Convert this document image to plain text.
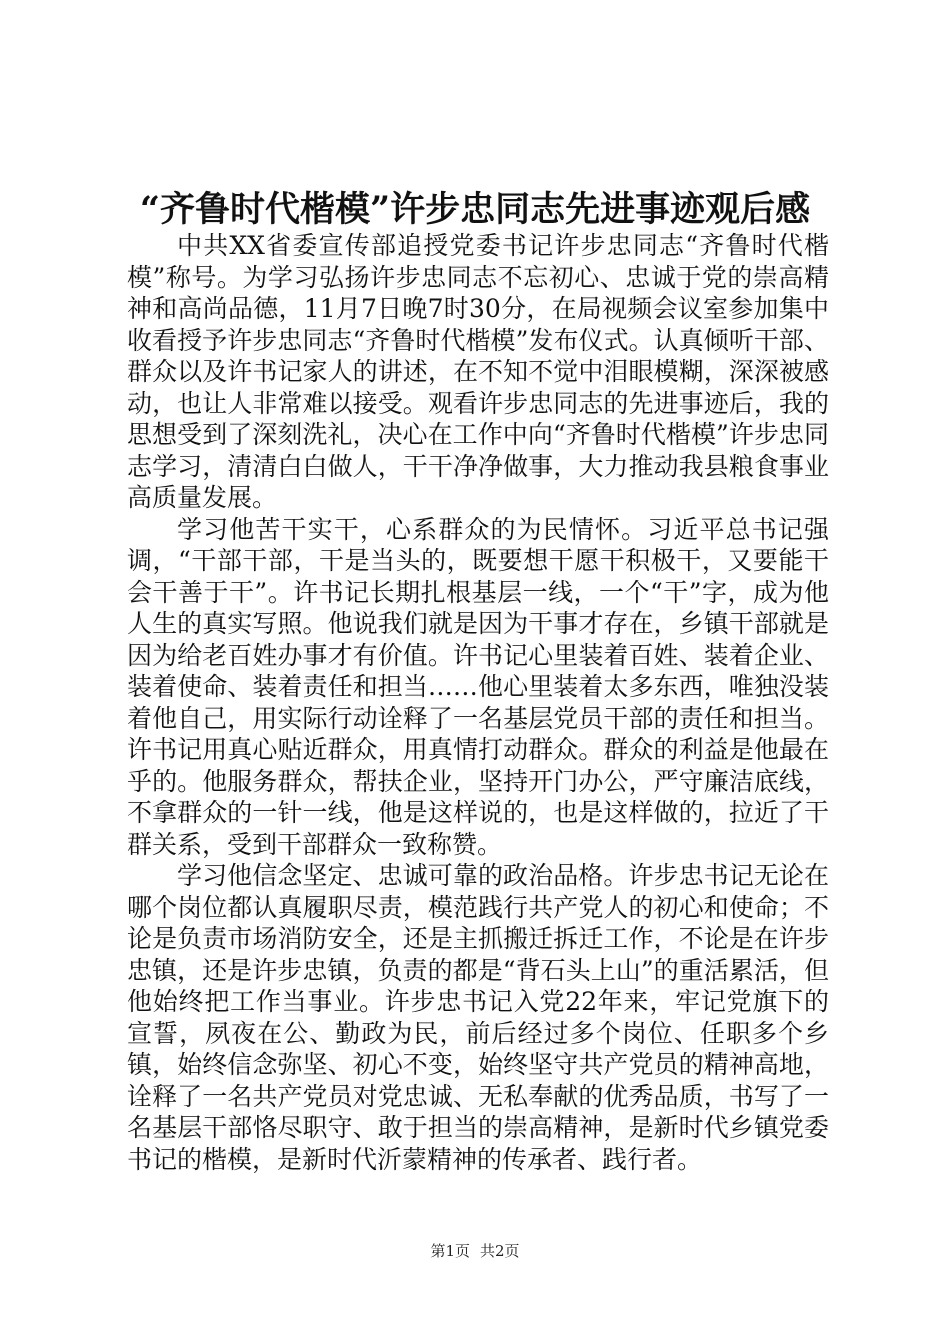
“齐鲁时代楷模”许步忠同志先进事迹观后感

中共XX省委宣传部追授党委书记许步忠同志“齐鲁时代楷模”称号。为学习弘扬许步忠同志不忘初心、忠诚于党的崇高精神和高尚品德，11月7日晚7时30分，在局视频会议室参加集中收看授予许步忠同志“齐鲁时代楷模”发布仪式。认真倾听干部、群众以及许书记家人的讲述，在不知不觉中泪眼模糊，深深被感动，也让人非常难以接受。观看许步忠同志的先进事迹后，我的思想受到了深刻洗礼，决心在工作中向“齐鲁时代楷模”许步忠同志学习，清清白白做人，干干净净做事，大力推动我县粮食事业高质量发展。

学习他苦干实干，心系群众的为民情怀。习近平总书记强调，“干部干部，干是当头的，既要想干愿干积极干，又要能干会干善于干”。许书记长期扎根基层一线，一个“干”字，成为他人生的真实写照。他说我们就是因为干事才存在，乡镇干部就是因为给老百姓办事才有价值。许书记心里装着百姓、装着企业、装着使命、装着责任和担当……他心里装着太多东西，唯独没装着他自己，用实际行动诠释了一名基层党员干部的责任和担当。许书记用真心贴近群众，用真情打动群众。群众的利益是他最在乎的。他服务群众，帮扶企业，坚持开门办公，严守廉洁底线，不拿群众的一针一线，他是这样说的，也是这样做的，拉近了干群关系，受到干部群众一致称赞。

学习他信念坚定、忠诚可靠的政治品格。许步忠书记无论在哪个岗位都认真履职尽责，模范践行共产党人的初心和使命；不论是负责市场消防安全，还是主抓搬迁拆迁工作，不论是在许步忠镇，还是许步忠镇，负责的都是“背石头上山”的重活累活，但他始终把工作当事业。许步忠书记入党22年来，牢记党旗下的宣誓，夙夜在公、勤政为民，前后经过多个岗位、任职多个乡镇，始终信念弥坚、初心不变，始终坚守共产党员的精神高地，诠释了一名共产党员对党忠诚、无私奉献的优秀品质，书写了一名基层干部恪尽职守、敢于担当的崇高精神，是新时代乡镇党委书记的楷模，是新时代沂蒙精神的传承者、践行者。

第1页 共2页
